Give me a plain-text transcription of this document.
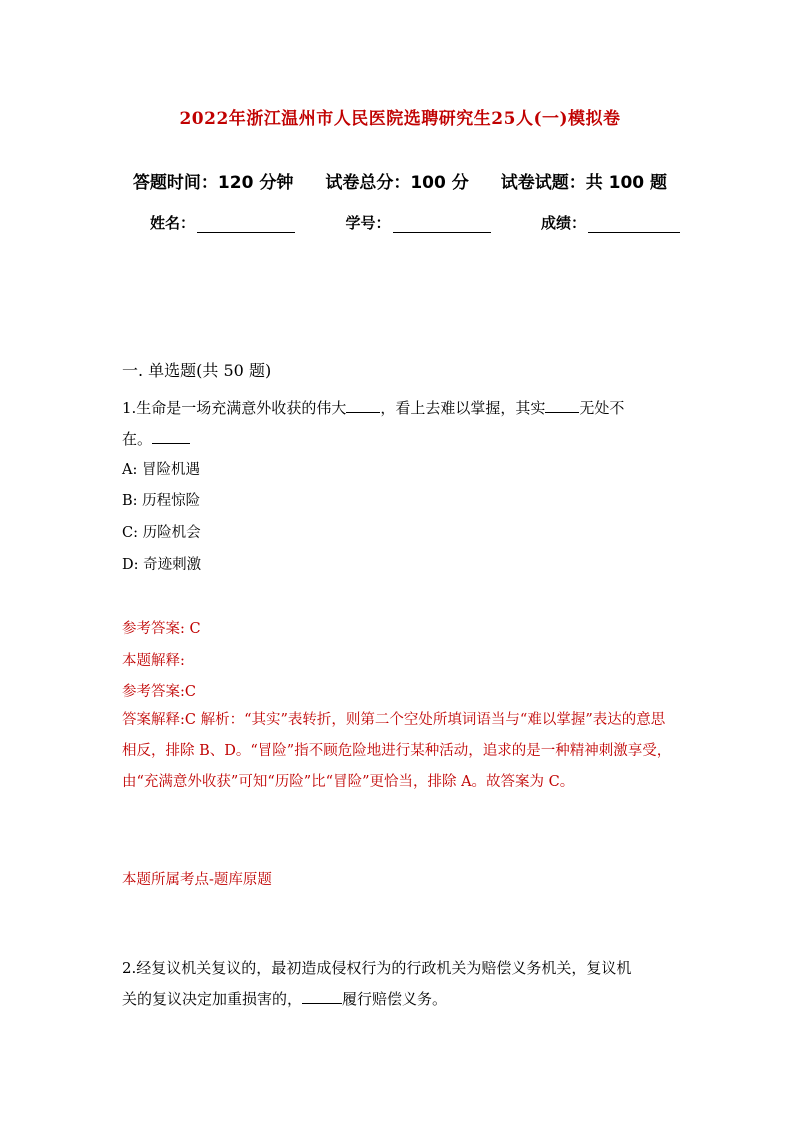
2022年浙江温州市人民医院选聘研究生25人(一)模拟卷
答题时间：120 分钟 试卷总分：100 分 试卷试题：共 100 题
姓名：	学号：	成绩：
一. 单选题(共 50 题)
1.生命是一场充满意外收获的伟大 ，看上去难以掌握，其实 无处不
在。
A: 冒险机遇
B: 历程惊险
C: 历险机会
D: 奇迹刺激
参考答案: C
本题解释:
参考答案:C
答案解释:C 解析：“其实”表转折，则第二个空处所填词语当与“难以掌握”表达的意思相反，排除 B、D。“冒险”指不顾危险地进行某种活动，追求的是一种精神刺激享受，由“充满意外收获”可知“历险”比“冒险”更恰当，排除 A。故答案为 C。
本题所属考点-题库原题
2.经复议机关复议的，最初造成侵权行为的行政机关为赔偿义务机关，复议机
关的复议决定加重损害的，	履行赔偿义务。
